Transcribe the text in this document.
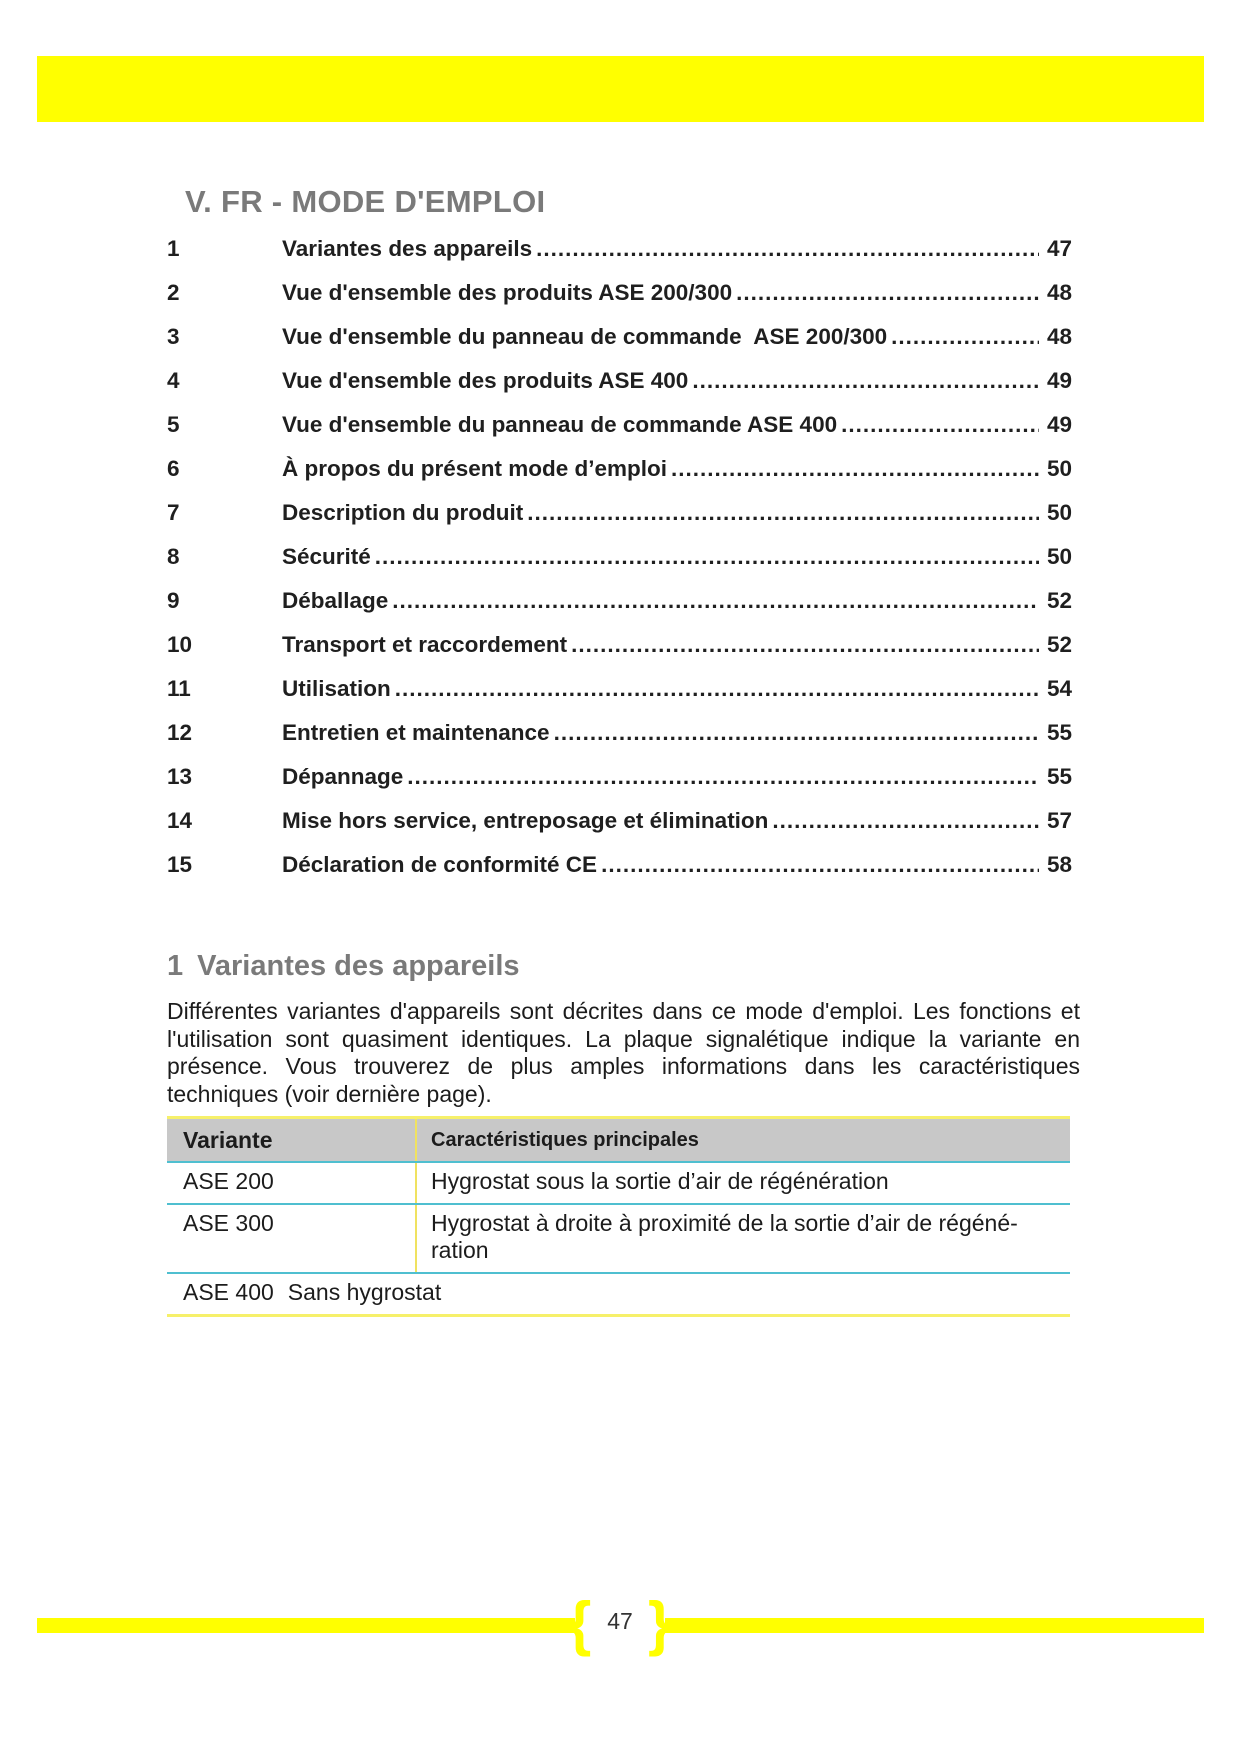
V. FR - MODE D'EMPLOI
1	Variantes des appareils .....	47
2	Vue d'ensemble des produits ASE 200/300 .....	48
3	Vue d'ensemble du panneau de commande  ASE 200/300 .....	48
4	Vue d'ensemble des produits ASE 400 .....	49
5	Vue d'ensemble du panneau de commande ASE 400 .....	49
6	À propos du présent mode d’emploi .....	50
7	Description du produit .....	50
8	Sécurité .....	50
9	Déballage .....	52
10	Transport et raccordement .....	52
11	Utilisation .....	54
12	Entretien et maintenance .....	55
13	Dépannage .....	55
14	Mise hors service, entreposage et élimination .....	57
15	Déclaration de conformité CE .....	58
1 Variantes des appareils
Différentes variantes d'appareils sont décrites dans ce mode d'emploi. Les fonctions et l'utilisation sont quasiment identiques. La plaque signalétique indique la variante en présence. Vous trouverez de plus amples informations dans les caractéristiques techniques (voir dernière page).
Variante	Caractéristiques principales
ASE 200	Hygrostat sous la sortie d’air de régénération
ASE 300	Hygrostat à droite à proximité de la sortie d’air de régéné-
ration
ASE 400 Sans hygrostat	
{ }
47
